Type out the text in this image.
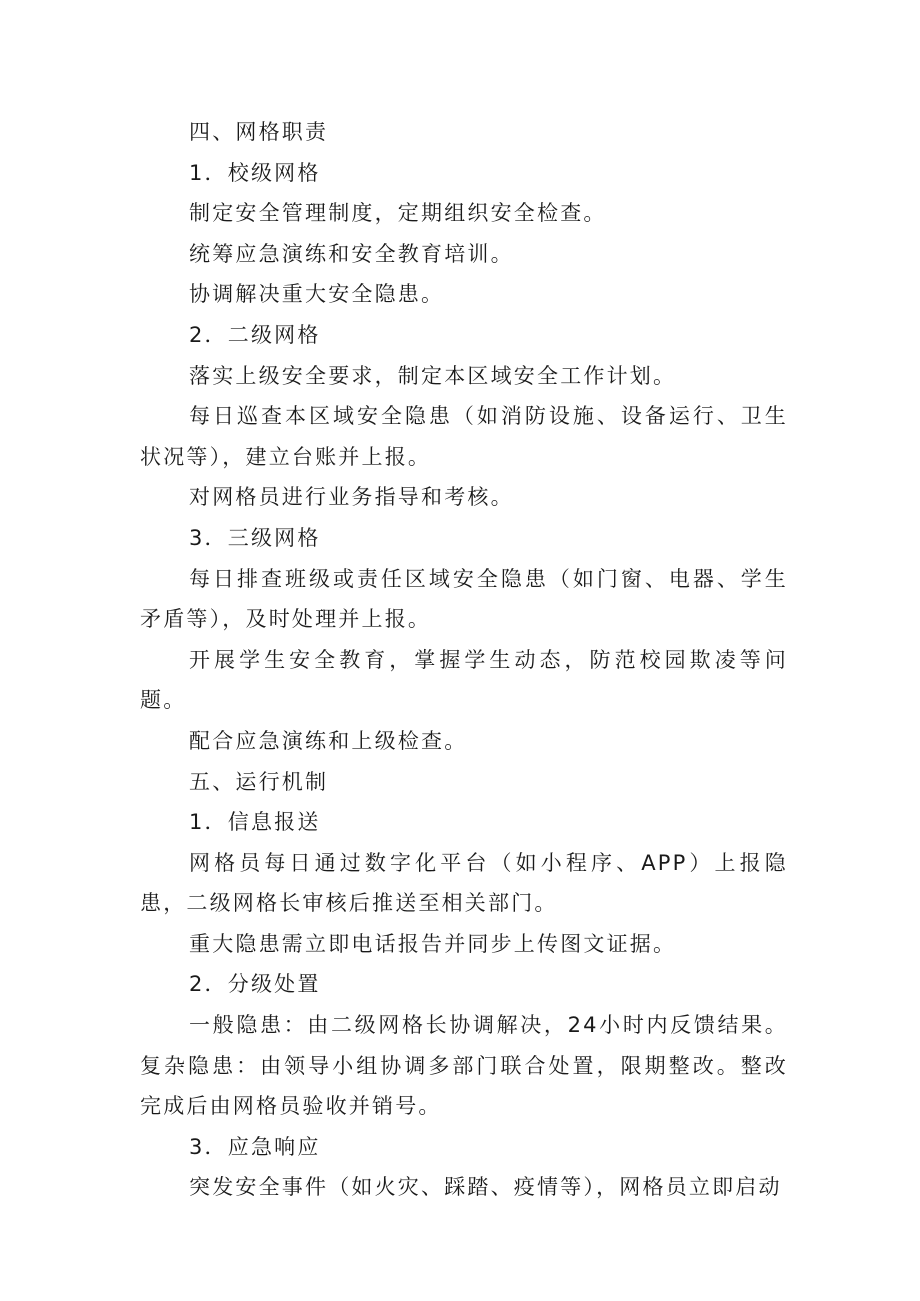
四、网格职责

1．校级网格

制定安全管理制度，定期组织安全检查。

统筹应急演练和安全教育培训。

协调解决重大安全隐患。

2．二级网格

落实上级安全要求，制定本区域安全工作计划。

每日巡查本区域安全隐患（如消防设施、设备运行、卫生状况等），建立台账并上报。

对网格员进行业务指导和考核。

3．三级网格

每日排查班级或责任区域安全隐患（如门窗、电器、学生矛盾等），及时处理并上报。

开展学生安全教育，掌握学生动态，防范校园欺凌等问题。

配合应急演练和上级检查。

五、运行机制

1．信息报送

网格员每日通过数字化平台（如小程序、APP）上报隐患，二级网格长审核后推送至相关部门。

重大隐患需立即电话报告并同步上传图文证据。

2．分级处置

一般隐患：由二级网格长协调解决，24小时内反馈结果。复杂隐患：由领导小组协调多部门联合处置，限期整改。整改完成后由网格员验收并销号。

3．应急响应

突发安全事件（如火灾、踩踏、疫情等），网格员立即启动
